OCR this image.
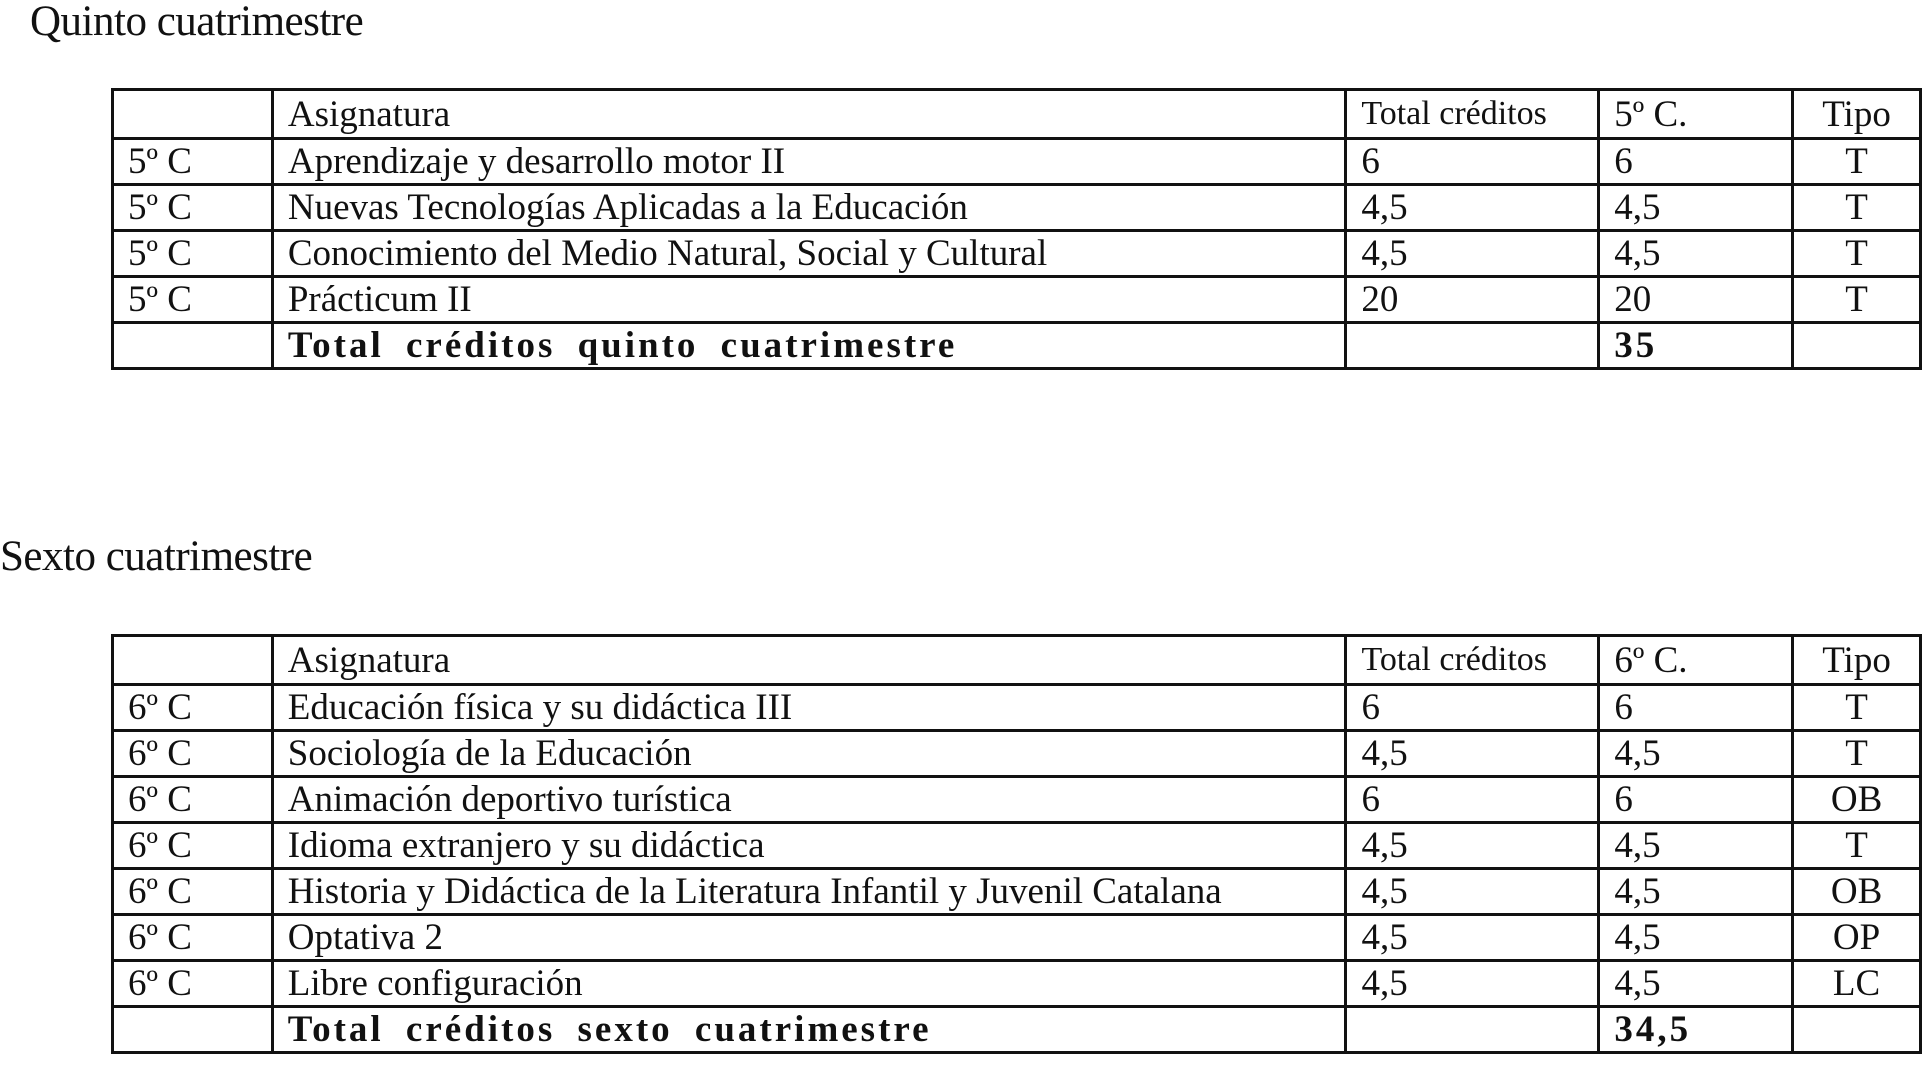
Quinto cuatrimestre
	Asignatura	Total créditos	5º C.	Tipo
5º C	Aprendizaje y desarrollo motor II	6	6	T
5º C	Nuevas Tecnologías Aplicadas a la Educación	4,5	4,5	T
5º C	Conocimiento del Medio Natural, Social y Cultural	4,5	4,5	T
5º C	Prácticum II	20	20	T
	Total créditos quinto cuatrimestre		35	
Sexto cuatrimestre
	Asignatura	Total créditos	6º C.	Tipo
6º C	Educación física y su didáctica III	6	6	T
6º C	Sociología de la Educación	4,5	4,5	T
6º C	Animación deportivo turística	6	6	OB
6º C	Idioma extranjero y su didáctica	4,5	4,5	T
6º C	Historia y Didáctica de la Literatura Infantil y Juvenil Catalana	4,5	4,5	OB
6º C	Optativa 2	4,5	4,5	OP
6º C	Libre configuración	4,5	4,5	LC
	Total créditos sexto cuatrimestre		34,5	
